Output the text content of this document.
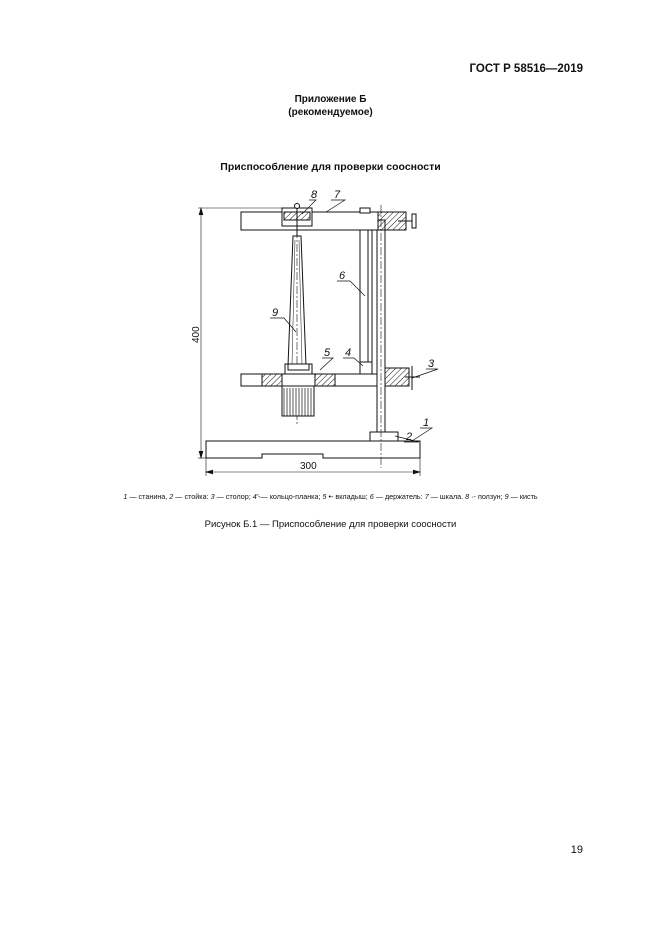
ГОСТ Р 58516—2019
Приложение Б
(рекомендуемое)
Приспособление для проверки соосности
7
8
6
9
5 4
3
2
1
400
300
1 — станина, 2 — стойка: 3 — столор; 4'-— кольцо-планка; 5 •- вкладыш; 6 — держатель: 7 — шкала. 8 ·- ползун; 9 — кисть
Рисунок Б.1 — Приспособление для проверки соосности
19
